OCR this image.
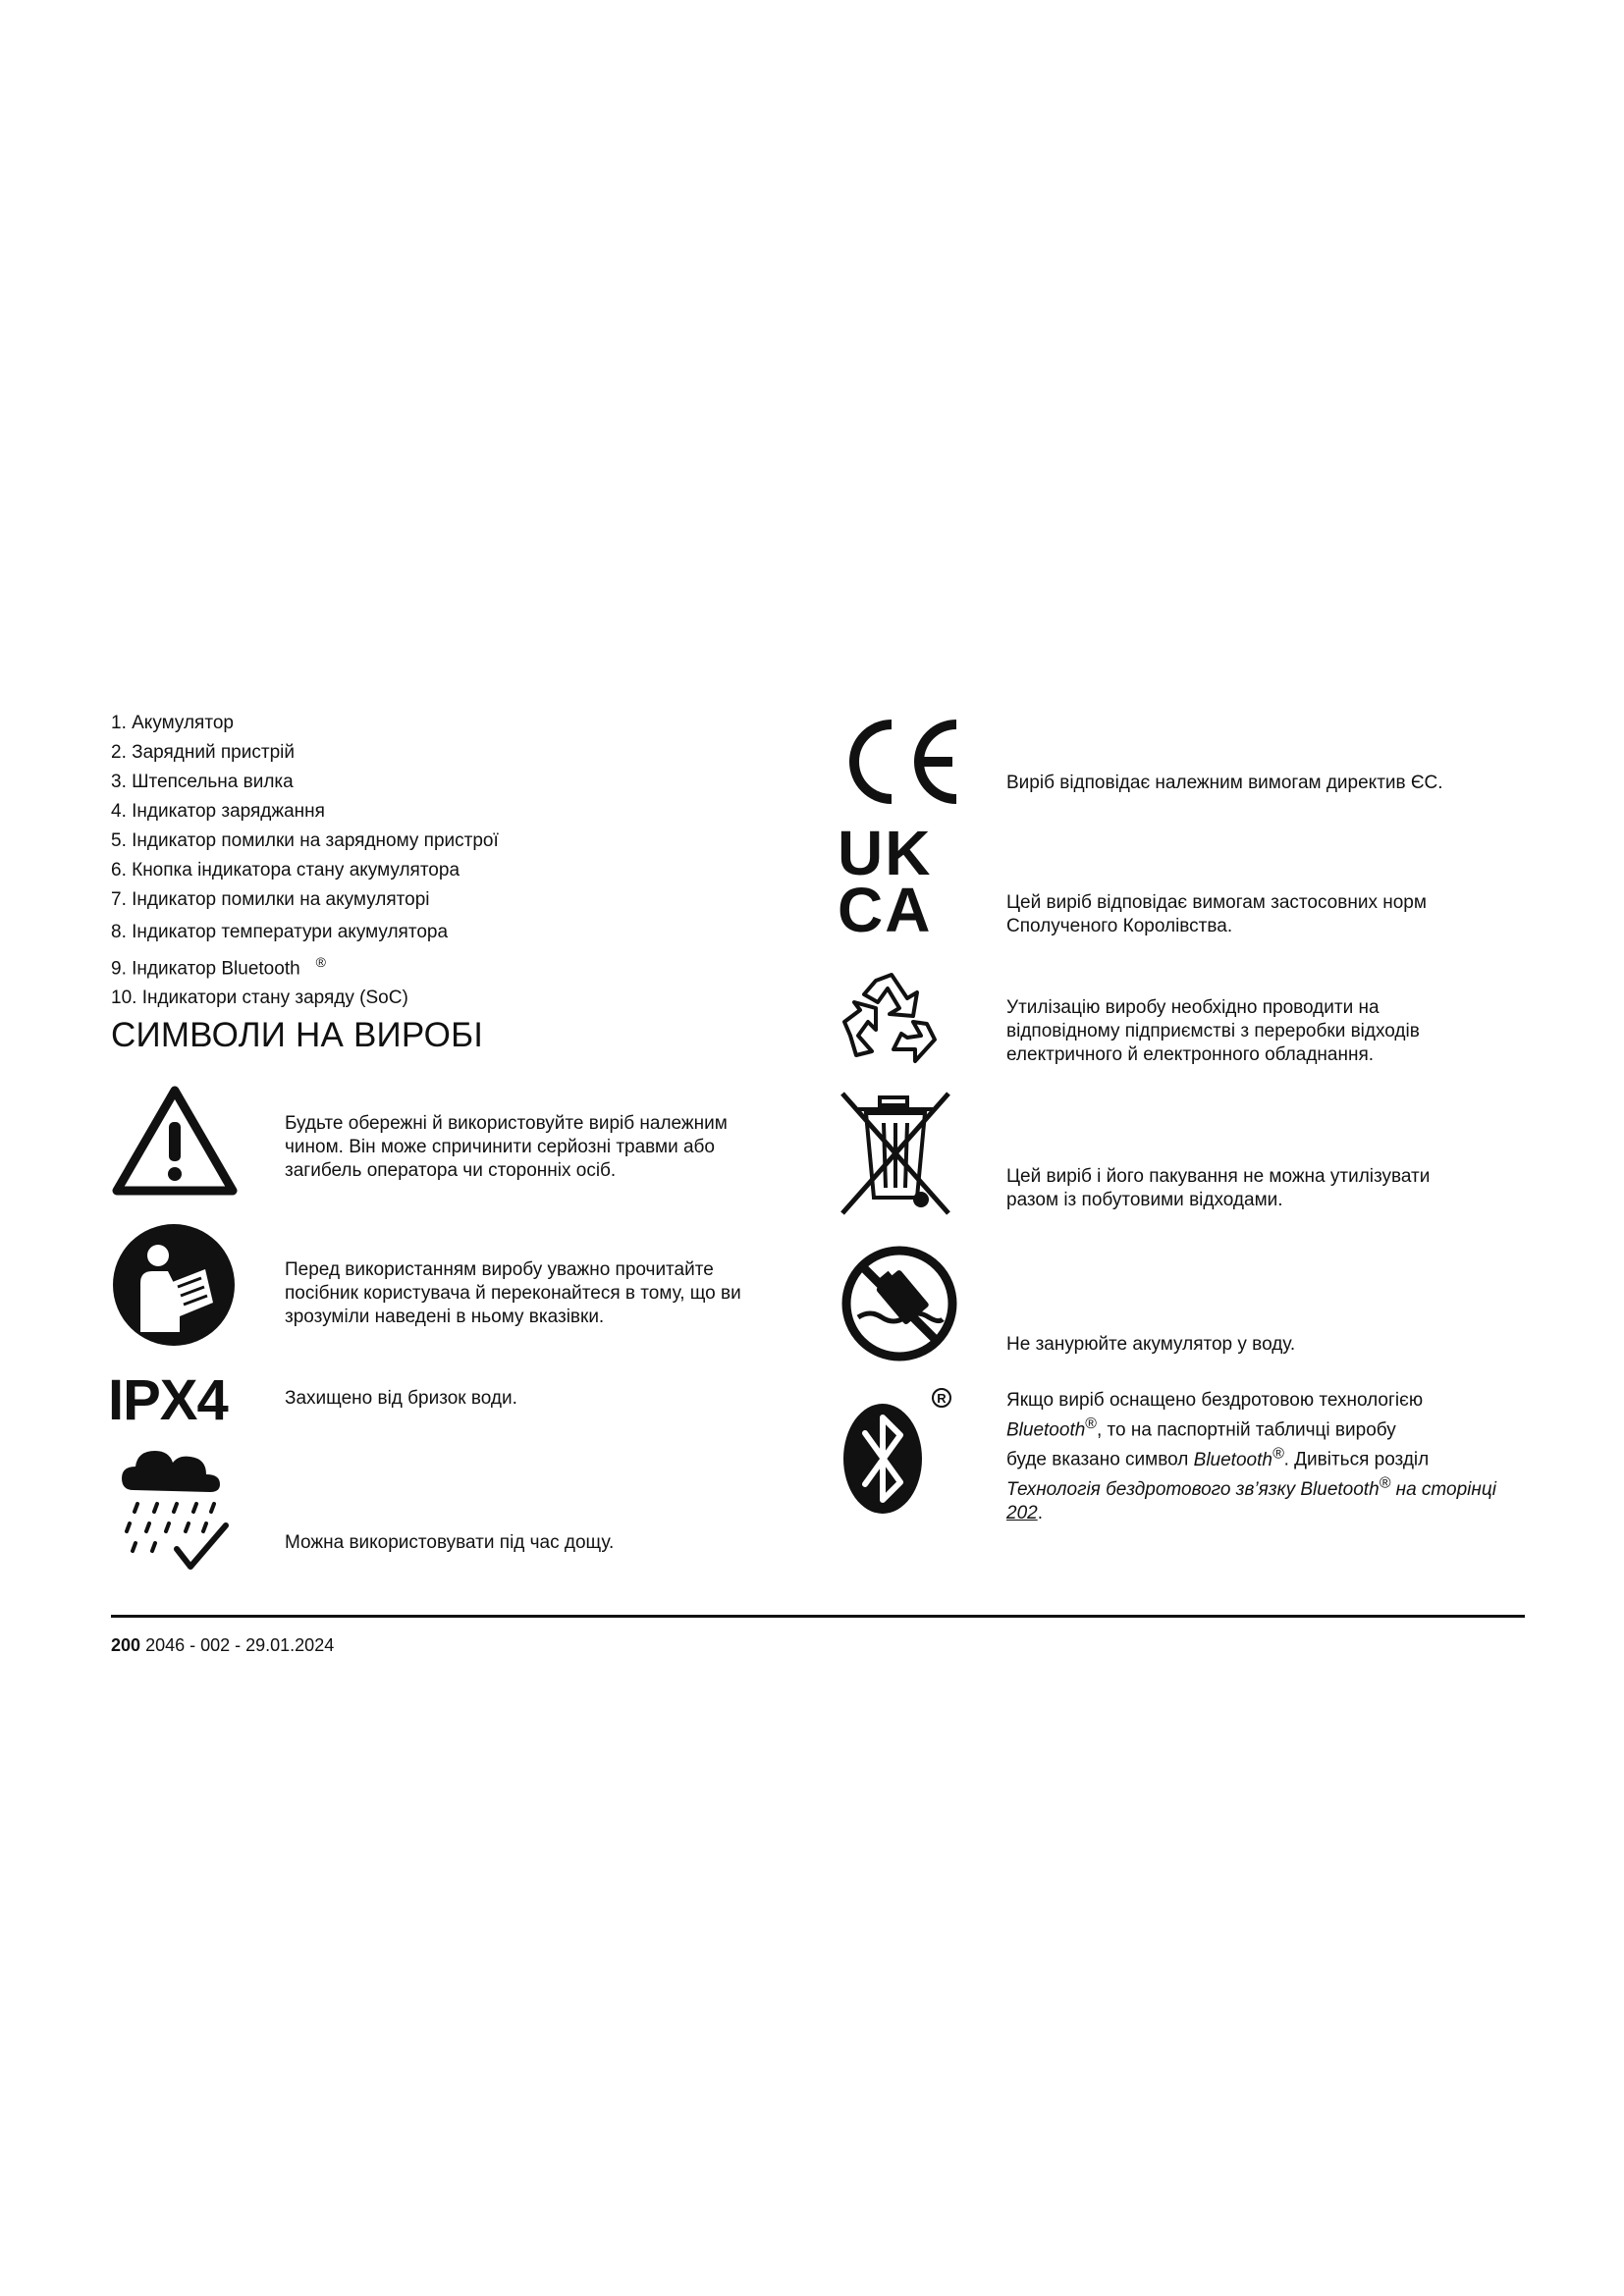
1. Акумулятор
2. Зарядний пристрій
3. Штепсельна вилка
4. Індикатор заряджання
5. Індикатор помилки на зарядному пристрої
6. Кнопка індикатора стану акумулятора
7. Індикатор помилки на акумуляторі
8. Індикатор температури акумулятора
9. Індикатор Bluetooth ®
10. Індикатори стану заряду (SoC)
СИМВОЛИ НА ВИРОБІ
Будьте обережні й використовуйте виріб належним
чином. Він може спричинити серйозні травми або
загибель оператора чи сторонніх осіб.
Перед використанням виробу уважно прочитайте
посібник користувача й переконайтеся в тому, що ви
зрозуміли наведені в ньому вказівки.
IPX4	Захищено від бризок води.
Можна використовувати під час дощу.
Виріб відповідає належним вимогам директив ЄС.
UK
CA	Цей виріб відповідає вимогам застосовних норм
Сполученого Королівства.
Утилізацію виробу необхідно проводити на
відповідному підприємстві з переробки відходів
електричного й електронного обладнання.
Цей виріб і його пакування не можна утилізувати
разом із побутовими відходами.
Не занурюйте акумулятор у воду.
R	Якщо виріб оснащено бездротовою технологією
Bluetooth®, то на паспортній табличці виробу
буде вказано символ Bluetooth®. Дивіться розділ
Технологія бездротового зв’язку Bluetooth® на сторінці
202.
200 2046 - 002 - 29.01.2024
